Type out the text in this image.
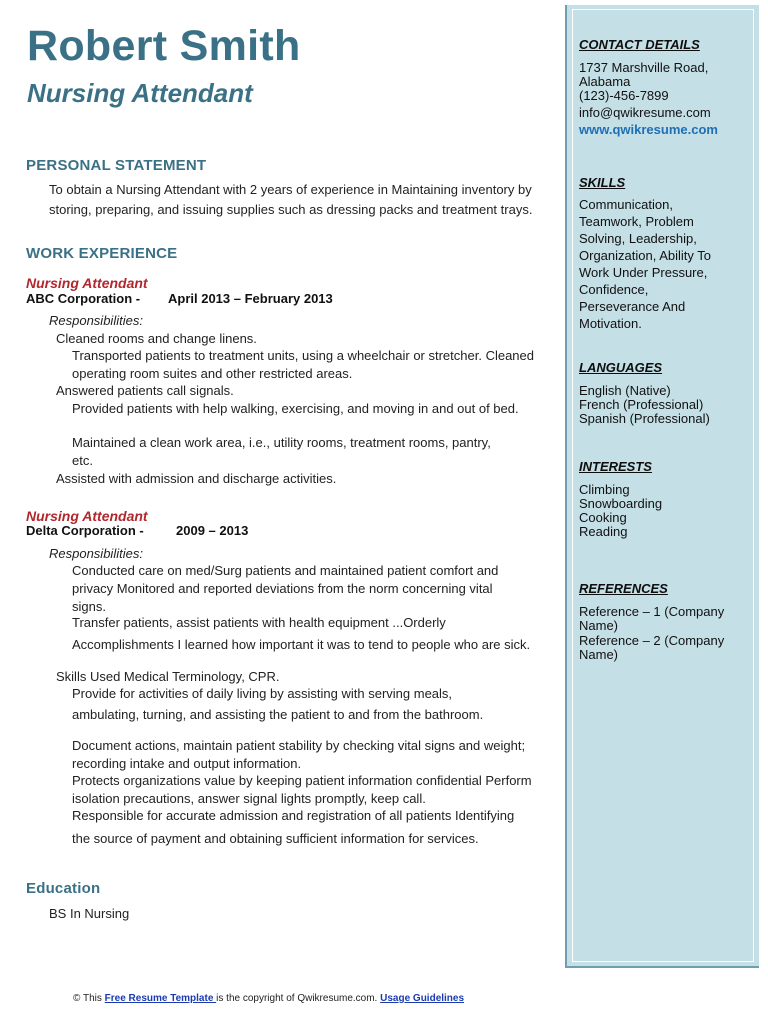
Robert Smith
Nursing Attendant
PERSONAL STATEMENT
To obtain a Nursing Attendant with 2 years of experience in Maintaining inventory by storing, preparing, and issuing supplies such as dressing packs and treatment trays.
WORK EXPERIENCE
Nursing Attendant
ABC Corporation - April 2013 – February 2013
Responsibilities:
Cleaned rooms and change linens.
Transported patients to treatment units, using a wheelchair or stretcher. Cleaned operating room suites and other restricted areas.
Answered patients call signals.
Provided patients with help walking, exercising, and moving in and out of bed.
Maintained a clean work area, i.e., utility rooms, treatment rooms, pantry, etc.
Assisted with admission and discharge activities.
Nursing Attendant
Delta Corporation - 2009 – 2013
Responsibilities:
Conducted care on med/Surg patients and maintained patient comfort and privacy Monitored and reported deviations from the norm concerning vital signs.
Transfer patients, assist patients with health equipment ...Orderly
Accomplishments I learned how important it was to tend to people who are sick.
Skills Used Medical Terminology, CPR.
Provide for activities of daily living by assisting with serving meals,
ambulating, turning, and assisting the patient to and from the bathroom.
Document actions, maintain patient stability by checking vital signs and weight; recording intake and output information.
Protects organizations value by keeping patient information confidential Perform isolation precautions, answer signal lights promptly, keep call.
Responsible for accurate admission and registration of all patients Identifying
the source of payment and obtaining sufficient information for services.
Education
BS In Nursing
CONTACT DETAILS
1737 Marshville Road, Alabama
(123)-456-7899
info@qwikresume.com
www.qwikresume.com
SKILLS
Communication, Teamwork, Problem Solving, Leadership, Organization, Ability To Work Under Pressure, Confidence, Perseverance And Motivation.
LANGUAGES
English (Native)
French (Professional)
Spanish (Professional)
INTERESTS
Climbing
Snowboarding
Cooking
Reading
REFERENCES
Reference – 1 (Company Name)
Reference – 2 (Company Name)
© This Free Resume Template is the copyright of Qwikresume.com. Usage Guidelines
